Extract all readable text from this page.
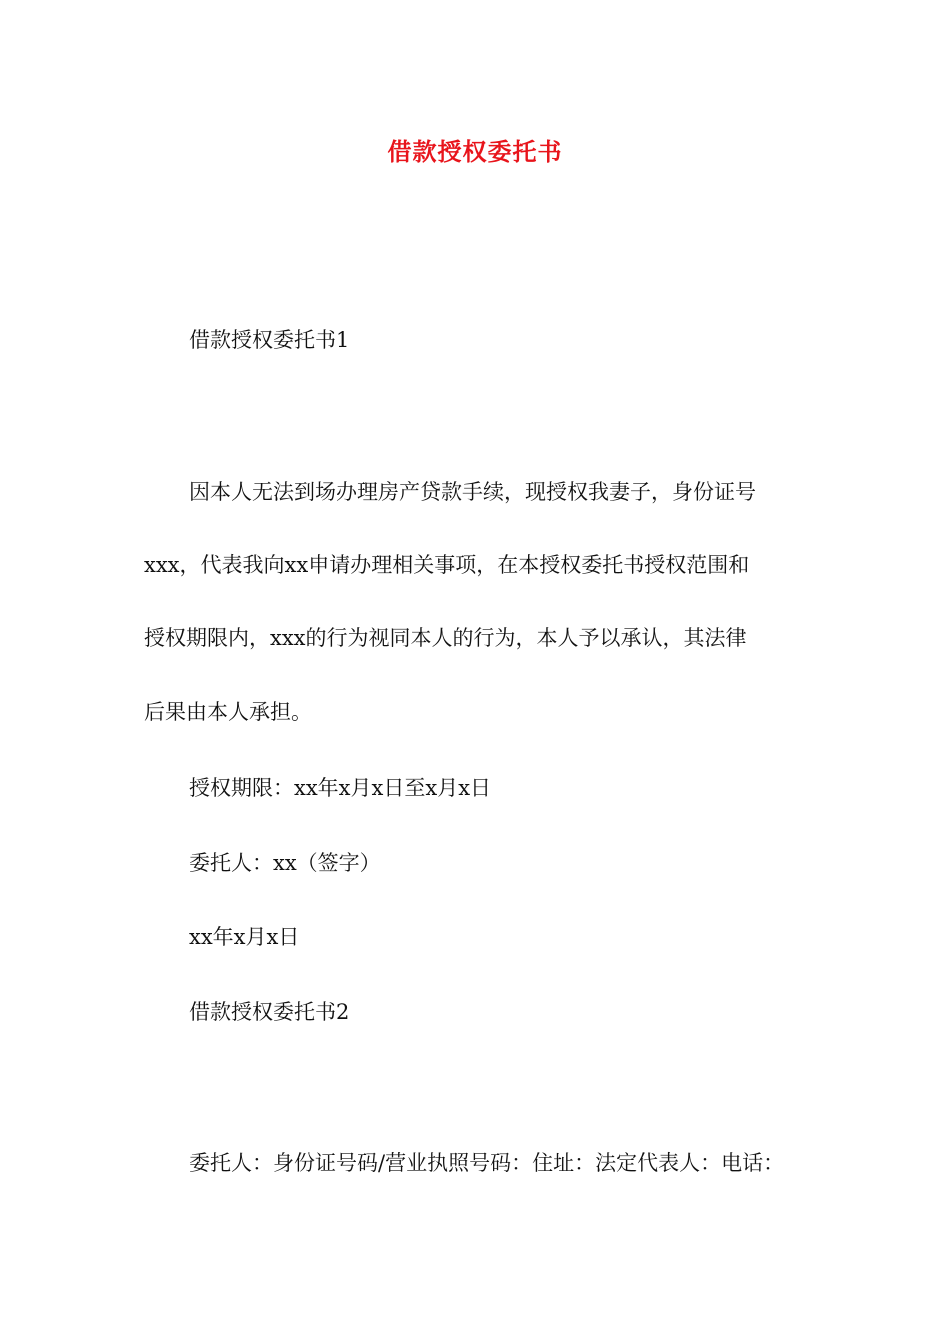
借款授权委托书
借款授权委托书1
因本人无法到场办理房产贷款手续，现授权我妻子，身份证号
xxx，代表我向xx申请办理相关事项，在本授权委托书授权范围和
授权期限内，xxx的行为视同本人的行为，本人予以承认，其法律
后果由本人承担。
授权期限：xx年x月x日至x月x日
委托人：xx（签字）
xx年x月x日
借款授权委托书2
委托人：身份证号码/营业执照号码：住址：法定代表人：电话：
